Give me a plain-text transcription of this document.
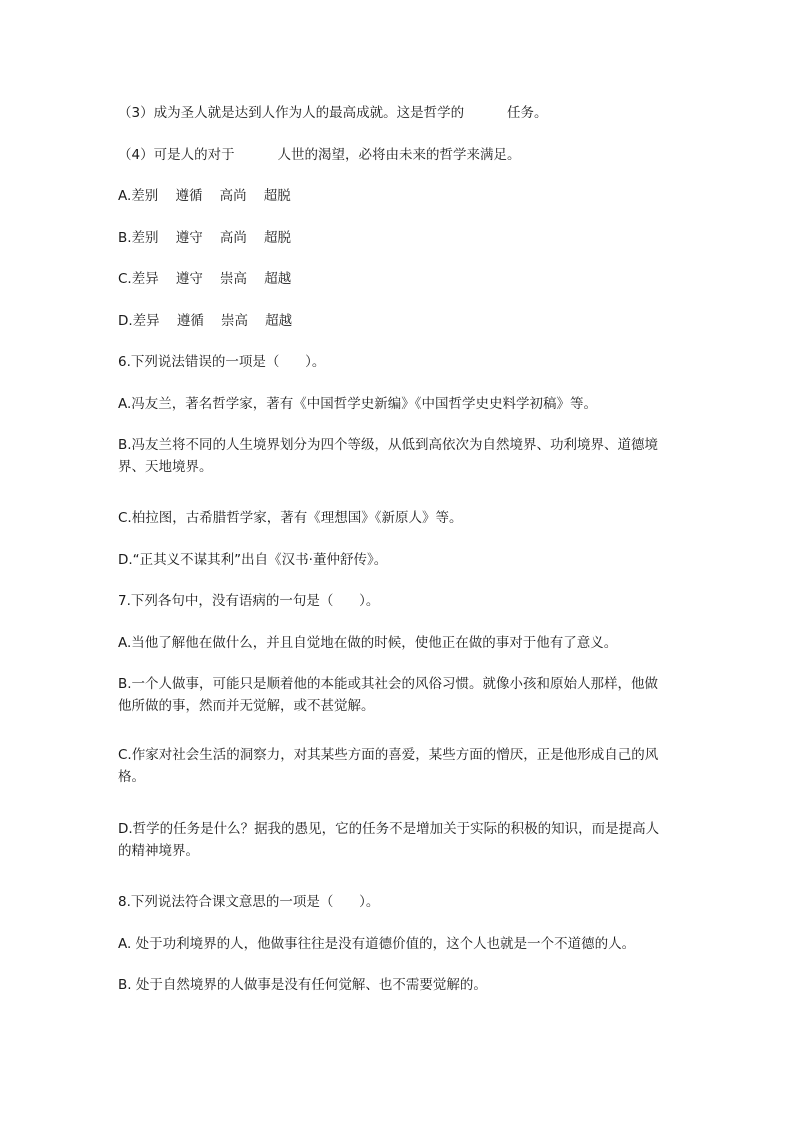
（3）成为圣人就是达到人作为人的最高成就。这是哲学的          任务。
（4）可是人的对于          人世的渴望，必将由未来的哲学来满足。
A.差别    遵循    高尚    超脱
B.差别    遵守    高尚    超脱
C.差异    遵守    崇高    超越
D.差异    遵循    崇高    超越
6.下列说法错误的一项是（      ）。
A.冯友兰，著名哲学家，著有《中国哲学史新编》《中国哲学史史料学初稿》等。
B.冯友兰将不同的人生境界划分为四个等级，从低到高依次为自然境界、功利境界、道德境
界、天地境界。
C.柏拉图，古希腊哲学家，著有《理想国》《新原人》等。
D.“正其义不谋其利”出自《汉书·董仲舒传》。
7.下列各句中，没有语病的一句是（      ）。
A.当他了解他在做什么，并且自觉地在做的时候，使他正在做的事对于他有了意义。
B.一个人做事，可能只是顺着他的本能或其社会的风俗习惯。就像小孩和原始人那样，他做
他所做的事，然而并无觉解，或不甚觉解。
C.作家对社会生活的洞察力，对其某些方面的喜爱，某些方面的憎厌，正是他形成自己的风
格。
D.哲学的任务是什么？据我的愚见，它的任务不是增加关于实际的积极的知识，而是提高人
的精神境界。
8.下列说法符合课文意思的一项是（      ）。
A. 处于功利境界的人，他做事往往是没有道德价值的，这个人也就是一个不道德的人。
B. 处于自然境界的人做事是没有任何觉解、也不需要觉解的。
